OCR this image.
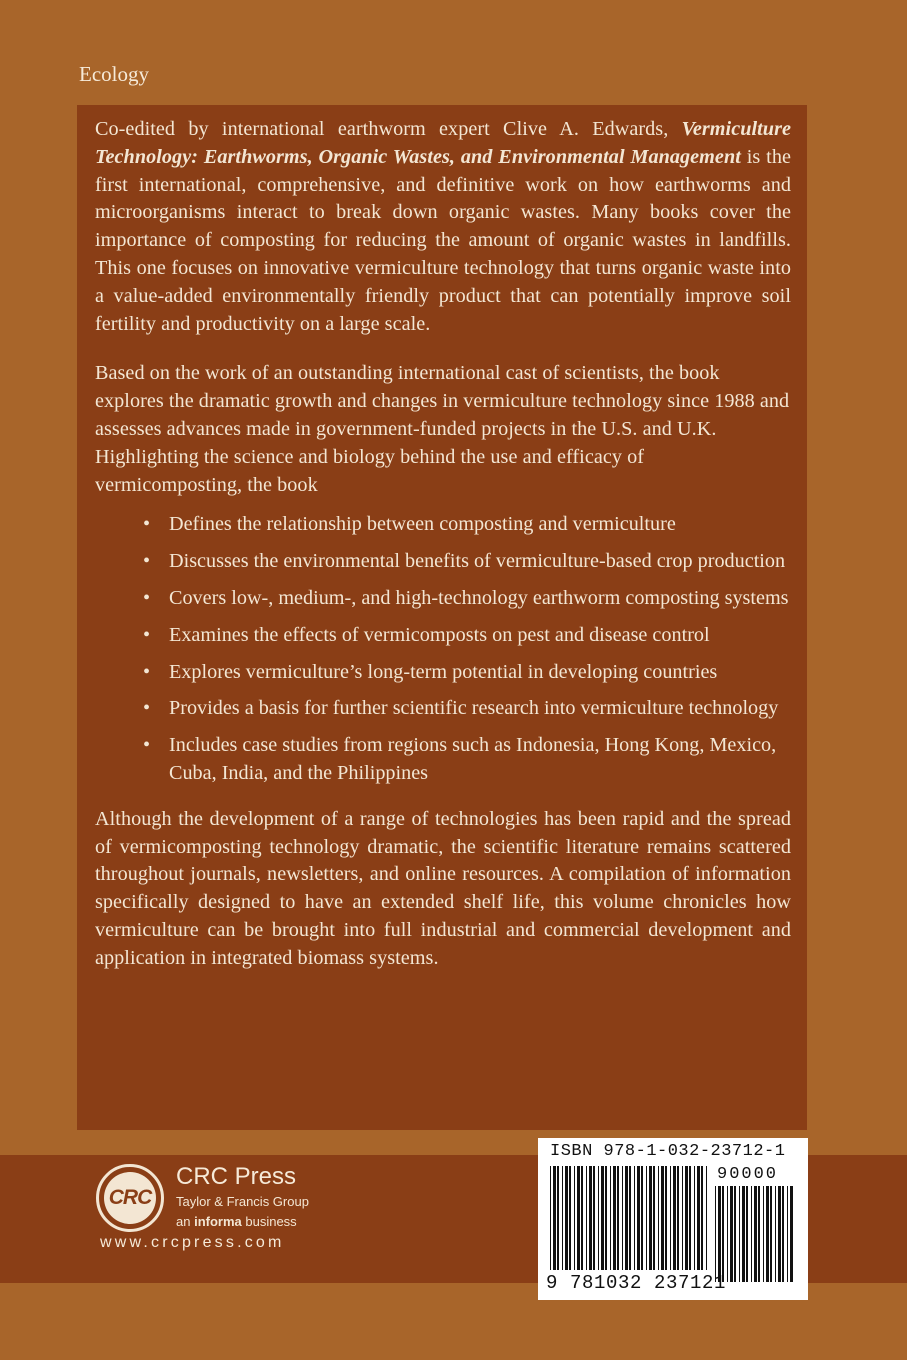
Ecology

Co-edited by international earthworm expert Clive A. Edwards, Vermiculture Technology: Earthworms, Organic Wastes, and Environmental Management is the first international, comprehensive, and definitive work on how earthworms and microorganisms interact to break down organic wastes. Many books cover the importance of composting for reducing the amount of organic wastes in landfills. This one focuses on innovative vermiculture technology that turns organic waste into a value-added environmentally friendly product that can potentially improve soil fertility and productivity on a large scale.

Based on the work of an outstanding international cast of scientists, the book explores the dramatic growth and changes in vermiculture technology since 1988 and assesses advances made in government-funded projects in the U.S. and U.K. Highlighting the science and biology behind the use and efficacy of vermicomposting, the book

• Defines the relationship between composting and vermiculture
• Discusses the environmental benefits of vermiculture-based crop production
• Covers low-, medium-, and high-technology earthworm composting systems
• Examines the effects of vermicomposts on pest and disease control
• Explores vermiculture’s long-term potential in developing countries
• Provides a basis for further scientific research into vermiculture technology
• Includes case studies from regions such as Indonesia, Hong Kong, Mexico, Cuba, India, and the Philippines

Although the development of a range of technologies has been rapid and the spread of vermicomposting technology dramatic, the scientific literature remains scattered throughout journals, newsletters, and online resources. A compilation of information specifically designed to have an extended shelf life, this volume chronicles how vermiculture can be brought into full industrial and commercial development and application in integrated biomass systems.

CRC
CRC Press
Taylor & Francis Group
an informa business
www.crcpress.com
ISBN 978-1-032-23712-1
90000
9 781032 237121
